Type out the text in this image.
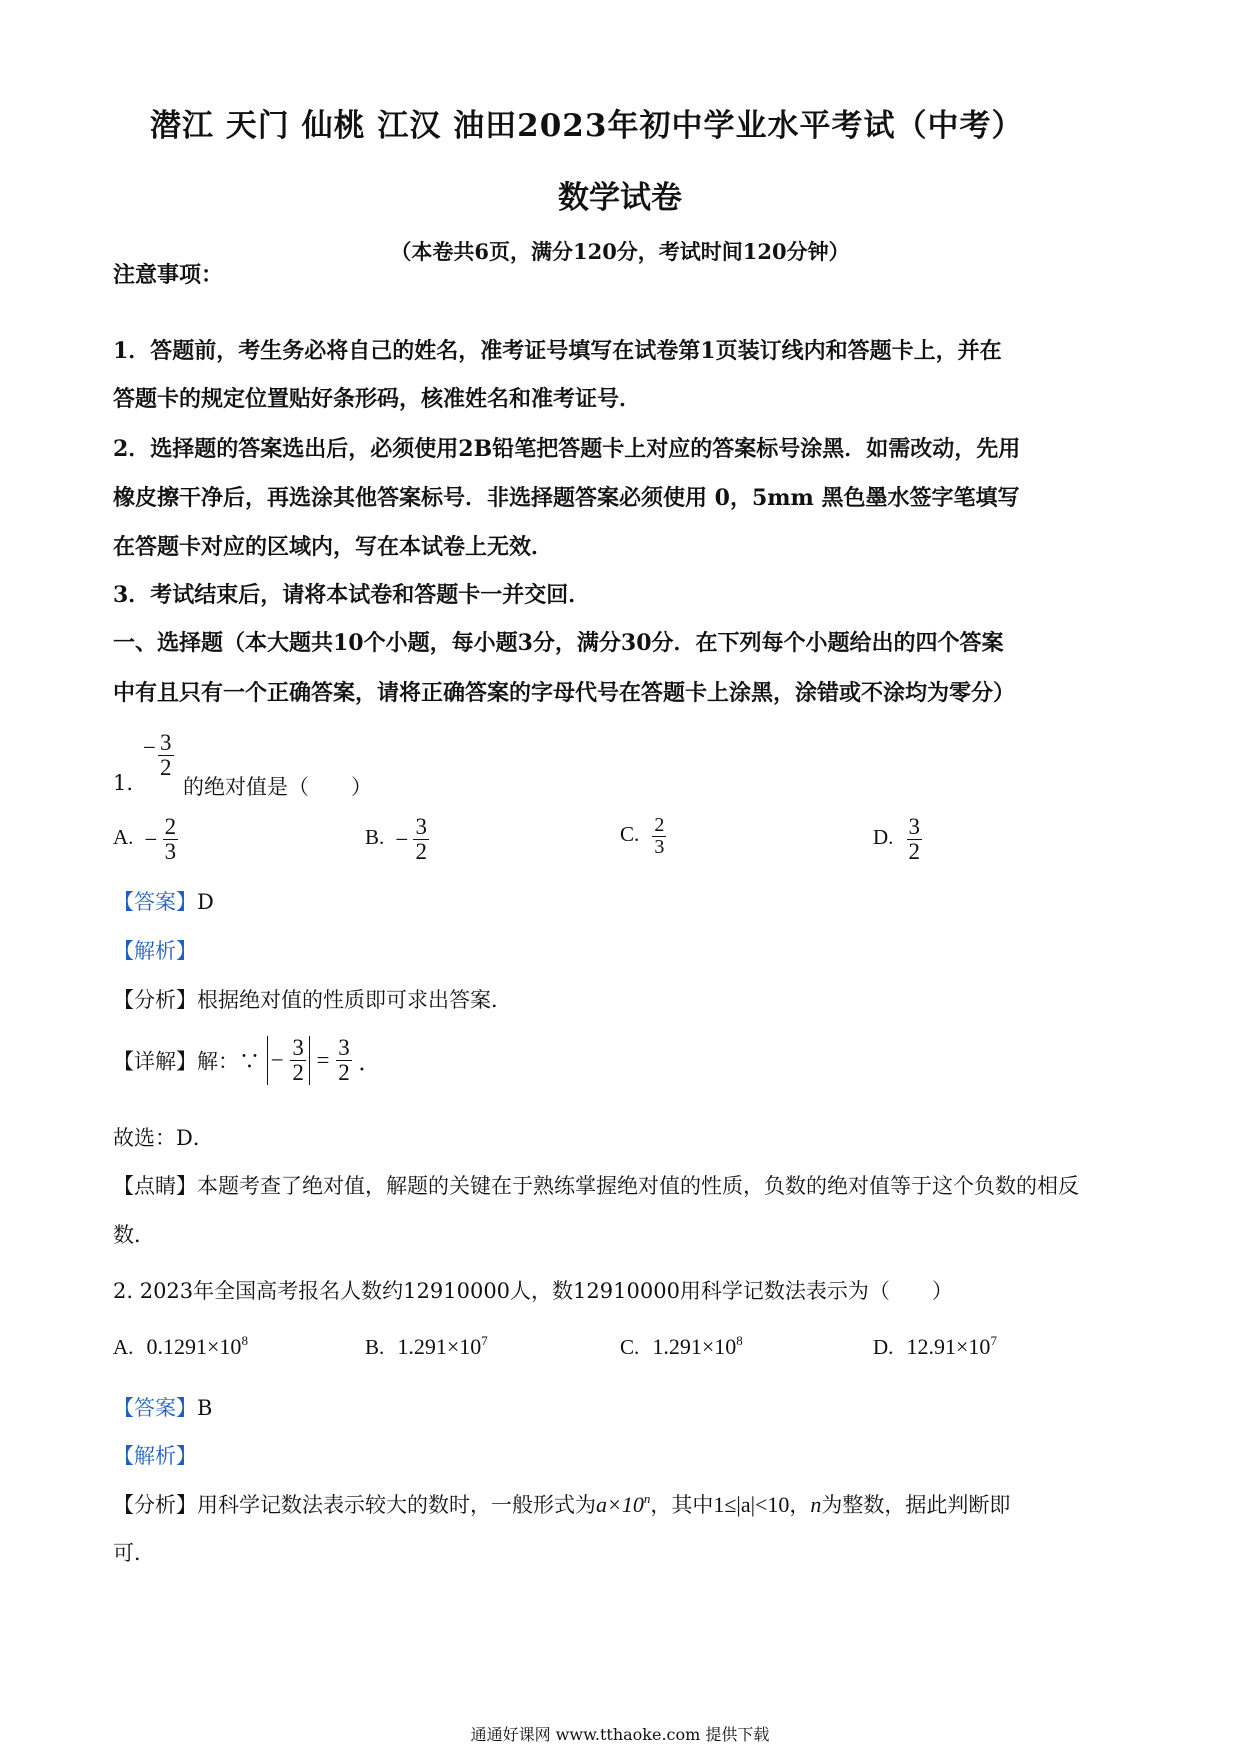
潜江 天门 仙桃 江汉 油田2023年初中学业水平考试（中考）
数学试卷
（本卷共6页，满分120分，考试时间120分钟）
注意事项：
1．答题前，考生务必将自己的姓名，准考证号填写在试卷第1页装订线内和答题卡上，并在
答题卡的规定位置贴好条形码，核准姓名和准考证号．
2．选择题的答案选出后，必须使用2B铅笔把答题卡上对应的答案标号涂黑．如需改动，先用
橡皮擦干净后，再选涂其他答案标号．非选择题答案必须使用 0，5mm 黑色墨水签字笔填写
在答题卡对应的区域内，写在本试卷上无效．
3．考试结束后，请将本试卷和答题卡一并交回．
一、选择题（本大题共10个小题，每小题3分，满分30分．在下列每个小题给出的四个答案
中有且只有一个正确答案，请将正确答案的字母代号在答题卡上涂黑，涂错或不涂均为零分）
1.
− $\frac{3}{2}$
的绝对值是（　　）
A. − $\frac{2}{3}$	B. − $\frac{3}{2}$	C. $\frac{2}{3}$	D. $\frac{3}{2}$
【答案】D
【解析】
【分析】根据绝对值的性质即可求出答案．
【详解】解：∵ − $\frac{3}{2} = \frac{3}{2}$ ．
故选：D．
【点睛】本题考查了绝对值，解题的关键在于熟练掌握绝对值的性质，负数的绝对值等于这个负数的相反
数．
2. 2023年全国高考报名人数约12910000人，数12910000用科学记数法表示为（　　）
A. $0.1291\times 10^8$	B. $1.291\times 10^7$	C. $1.291\times 10^8$	D. $12.91\times 10^7$
【答案】B
【解析】
【分析】用科学记数法表示较大的数时，一般形式为$a\times 10^n$，其中1≤|a|<10，n为整数，据此判断即
可．
通通好课网 www.tthaoke.com 提供下载
